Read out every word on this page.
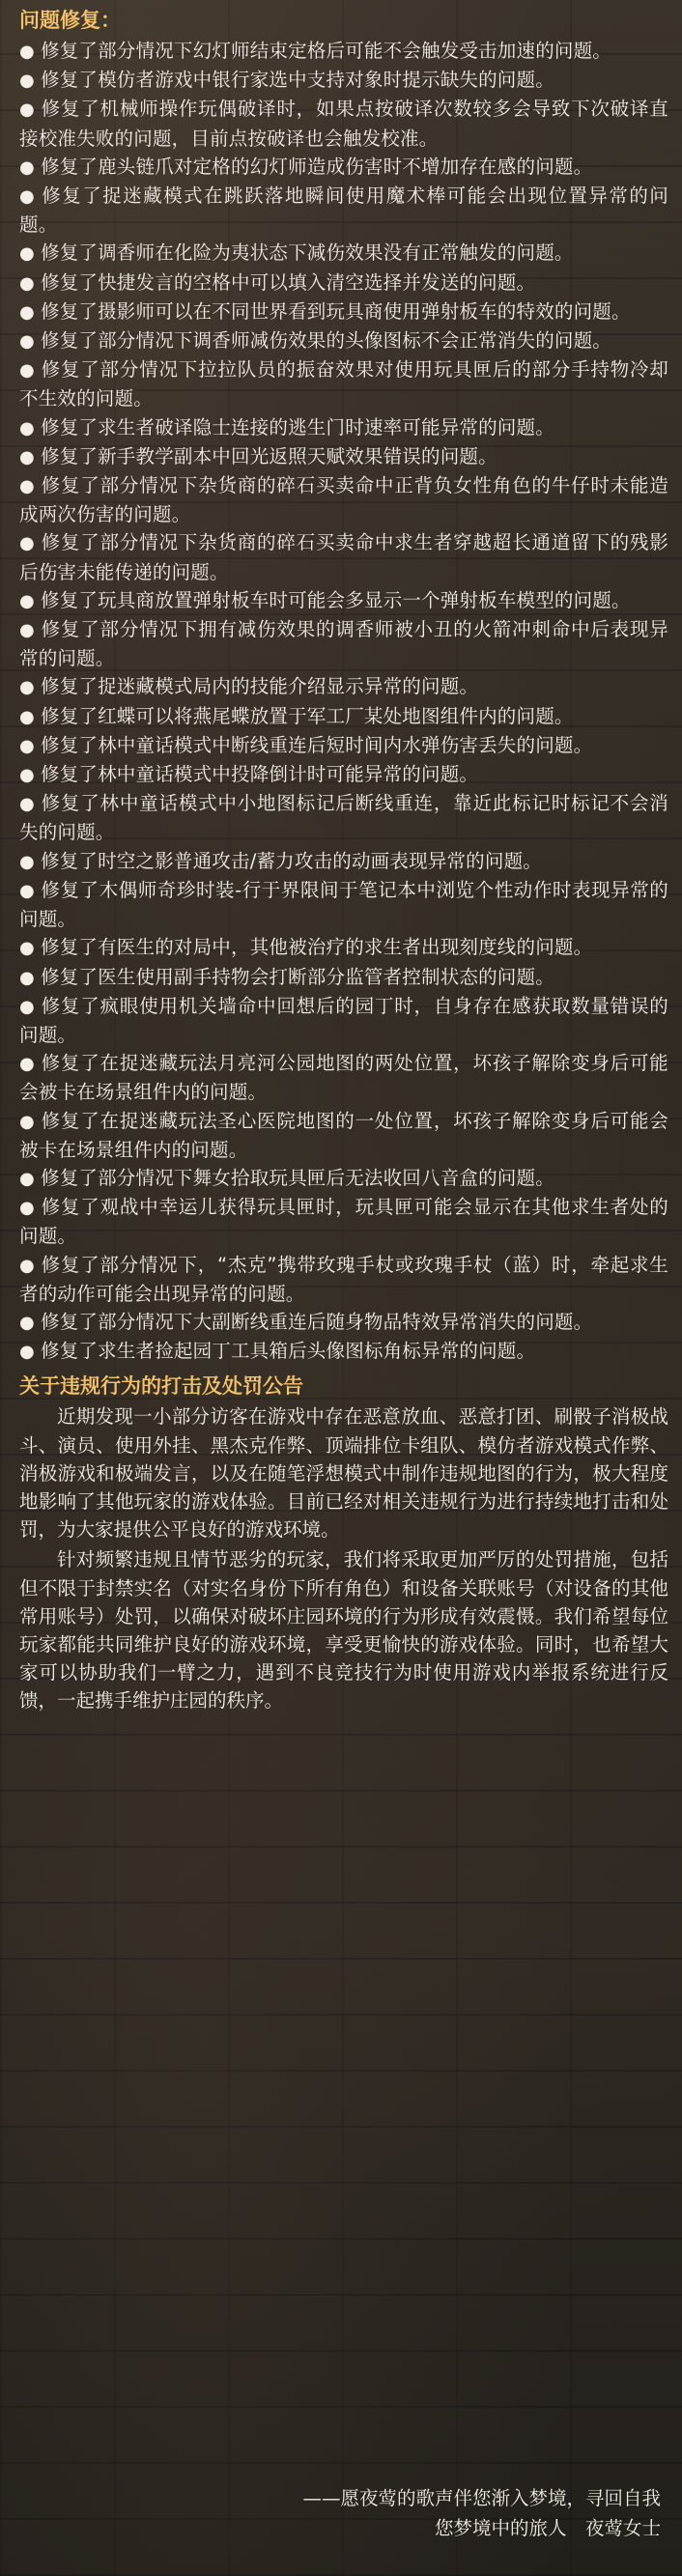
问题修复：
● 修复了部分情况下幻灯师结束定格后可能不会触发受击加速的问题。
● 修复了模仿者游戏中银行家选中支持对象时提示缺失的问题。
● 修复了机械师操作玩偶破译时，如果点按破译次数较多会导致下次破译直接校准失败的问题，目前点按破译也会触发校准。
● 修复了鹿头链爪对定格的幻灯师造成伤害时不增加存在感的问题。
● 修复了捉迷藏模式在跳跃落地瞬间使用魔术棒可能会出现位置异常的问题。
● 修复了调香师在化险为夷状态下减伤效果没有正常触发的问题。
● 修复了快捷发言的空格中可以填入清空选择并发送的问题。
● 修复了摄影师可以在不同世界看到玩具商使用弹射板车的特效的问题。
● 修复了部分情况下调香师减伤效果的头像图标不会正常消失的问题。
● 修复了部分情况下拉拉队员的振奋效果对使用玩具匣后的部分手持物冷却不生效的问题。
● 修复了求生者破译隐士连接的逃生门时速率可能异常的问题。
● 修复了新手教学副本中回光返照天赋效果错误的问题。
● 修复了部分情况下杂货商的碎石买卖命中正背负女性角色的牛仔时未能造成两次伤害的问题。
● 修复了部分情况下杂货商的碎石买卖命中求生者穿越超长通道留下的残影后伤害未能传递的问题。
● 修复了玩具商放置弹射板车时可能会多显示一个弹射板车模型的问题。
● 修复了部分情况下拥有减伤效果的调香师被小丑的火箭冲刺命中后表现异常的问题。
● 修复了捉迷藏模式局内的技能介绍显示异常的问题。
● 修复了红蝶可以将燕尾蝶放置于军工厂某处地图组件内的问题。
● 修复了林中童话模式中断线重连后短时间内水弹伤害丢失的问题。
● 修复了林中童话模式中投降倒计时可能异常的问题。
● 修复了林中童话模式中小地图标记后断线重连，靠近此标记时标记不会消失的问题。
● 修复了时空之影普通攻击/蓄力攻击的动画表现异常的问题。
● 修复了木偶师奇珍时装-行于界限间于笔记本中浏览个性动作时表现异常的问题。
● 修复了有医生的对局中，其他被治疗的求生者出现刻度线的问题。
● 修复了医生使用副手持物会打断部分监管者控制状态的问题。
● 修复了疯眼使用机关墙命中回想后的园丁时，自身存在感获取数量错误的问题。
● 修复了在捉迷藏玩法月亮河公园地图的两处位置，坏孩子解除变身后可能会被卡在场景组件内的问题。
● 修复了在捉迷藏玩法圣心医院地图的一处位置，坏孩子解除变身后可能会被卡在场景组件内的问题。
● 修复了部分情况下舞女拾取玩具匣后无法收回八音盒的问题。
● 修复了观战中幸运儿获得玩具匣时，玩具匣可能会显示在其他求生者处的问题。
● 修复了部分情况下，“杰克”携带玫瑰手杖或玫瑰手杖（蓝）时，牵起求生者的动作可能会出现异常的问题。
● 修复了部分情况下大副断线重连后随身物品特效异常消失的问题。
● 修复了求生者捡起园丁工具箱后头像图标角标异常的问题。
关于违规行为的打击及处罚公告

近期发现一小部分访客在游戏中存在恶意放血、恶意打团、刷骰子消极战斗、演员、使用外挂、黑杰克作弊、顶端排位卡组队、模仿者游戏模式作弊、消极游戏和极端发言，以及在随笔浮想模式中制作违规地图的行为，极大程度地影响了其他玩家的游戏体验。目前已经对相关违规行为进行持续地打击和处罚，为大家提供公平良好的游戏环境。

针对频繁违规且情节恶劣的玩家，我们将采取更加严厉的处罚措施，包括但不限于封禁实名（对实名身份下所有角色）和设备关联账号（对设备的其他常用账号）处罚，以确保对破坏庄园环境的行为形成有效震慑。我们希望每位玩家都能共同维护良好的游戏环境，享受更愉快的游戏体验。同时，也希望大家可以协助我们一臂之力，遇到不良竞技行为时使用游戏内举报系统进行反馈，一起携手维护庄园的秩序。

——愿夜莺的歌声伴您渐入梦境，寻回自我
您梦境中的旅人　夜莺女士
